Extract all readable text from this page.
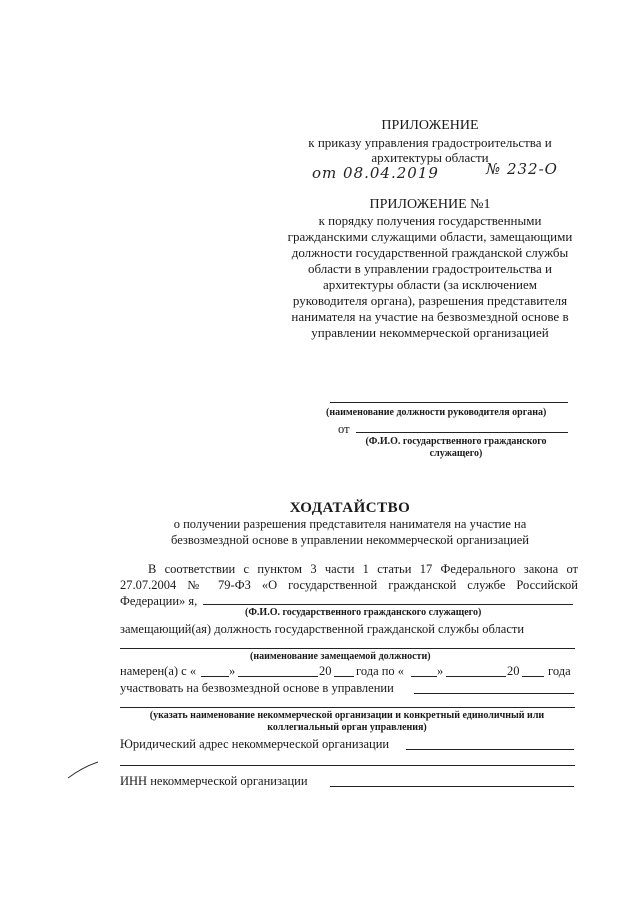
ПРИЛОЖЕНИЕ
к приказу управления градостроительства и
архитектуры области
от 08.04.2019	№ 232-О
ПРИЛОЖЕНИЕ №1
к порядку получения государственными
гражданскими служащими области, замещающими
должности государственной гражданской службы
области в управлении градостроительства и
архитектуры области (за исключением
руководителя органа), разрешения представителя
нанимателя на участие на безвозмездной основе в
управлении некоммерческой организацией
(наименование должности руководителя органа)
от
(Ф.И.О. государственного гражданского
служащего)
ХОДАТАЙСТВО
о получении разрешения представителя нанимателя на участие на
безвозмездной основе в управлении некоммерческой организацией
В соответствии с пунктом 3 части 1 статьи 17 Федерального закона от
27.07.2004 № 79-ФЗ «О государственной гражданской службе Российской
Федерации» я,
(Ф.И.О. государственного гражданского служащего)
замещающий(ая) должность государственной гражданской службы области
(наименование замещаемой должности)
намерен(а) с «	»	20 года по «	»	20 года
участвовать на безвозмездной основе в управлении
(указать наименование некоммерческой организации и конкретный единоличный или
коллегиальный орган управления)
Юридический адрес некоммерческой организации
ИНН некоммерческой организации
